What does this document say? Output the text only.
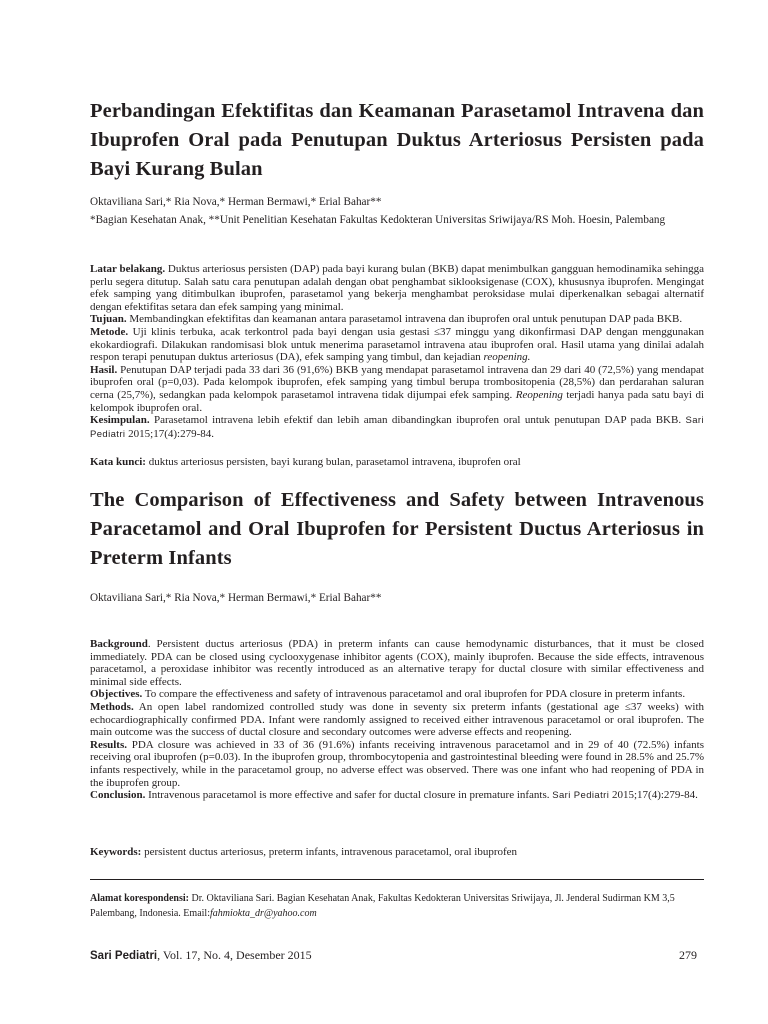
Perbandingan Efektifitas dan Keamanan Parasetamol Intravena dan Ibuprofen Oral pada Penutupan Duktus Arteriosus Persisten pada Bayi Kurang Bulan
Oktaviliana Sari,* Ria Nova,* Herman Bermawi,* Erial Bahar**
*Bagian Kesehatan Anak, **Unit Penelitian Kesehatan Fakultas Kedokteran Universitas Sriwijaya/RS Moh. Hoesin, Palembang

Latar belakang. Duktus arteriosus persisten (DAP) pada bayi kurang bulan (BKB) dapat menimbulkan gangguan hemodinamika sehingga perlu segera ditutup. Salah satu cara penutupan adalah dengan obat penghambat siklooksigenase (COX), khususnya ibuprofen. Mengingat efek samping yang ditimbulkan ibuprofen, parasetamol yang bekerja menghambat peroksidase mulai diperkenalkan sebagai alternatif dengan efektifitas setara dan efek samping yang minimal.

Tujuan. Membandingkan efektifitas dan keamanan antara parasetamol intravena dan ibuprofen oral untuk penutupan DAP pada BKB.

Metode. Uji klinis terbuka, acak terkontrol pada bayi dengan usia gestasi ≤37 minggu yang dikonfirmasi DAP dengan menggunakan ekokardiografi. Dilakukan randomisasi blok untuk menerima parasetamol intravena atau ibuprofen oral. Hasil utama yang dinilai adalah respon terapi penutupan duktus arteriosus (DA), efek samping yang timbul, dan kejadian reopening.

Hasil. Penutupan DAP terjadi pada 33 dari 36 (91,6%) BKB yang mendapat parasetamol intravena dan 29 dari 40 (72,5%) yang mendapat ibuprofen oral (p=0,03). Pada kelompok ibuprofen, efek samping yang timbul berupa trombositopenia (28,5%) dan perdarahan saluran cerna (25,7%), sedangkan pada kelompok parasetamol intravena tidak dijumpai efek samping. Reopening terjadi hanya pada satu bayi di kelompok ibuprofen oral.

Kesimpulan. Parasetamol intravena lebih efektif dan lebih aman dibandingkan ibuprofen oral untuk penutupan DAP pada BKB. Sari Pediatri 2015;17(4):279-84.

Kata kunci: duktus arteriosus persisten, bayi kurang bulan, parasetamol intravena, ibuprofen oral
The Comparison of Effectiveness and Safety between Intravenous Paracetamol and Oral Ibuprofen for Persistent Ductus Arteriosus in Preterm Infants
Oktaviliana Sari,* Ria Nova,* Herman Bermawi,* Erial Bahar**

Background. Persistent ductus arteriosus (PDA) in preterm infants can cause hemodynamic disturbances, that it must be closed immediately. PDA can be closed using cyclooxygenase inhibitor agents (COX), mainly ibuprofen. Because the side effects, intravenous paracetamol, a peroxidase inhibitor was recently introduced as an alternative terapy for ductal closure with similar effectiveness and minimal side effects.

Objectives. To compare the effectiveness and safety of intravenous paracetamol and oral ibuprofen for PDA closure in preterm infants.

Methods. An open label randomized controlled study was done in seventy six preterm infants (gestational age ≤37 weeks) with echocardiographically confirmed PDA. Infant were randomly assigned to received either intravenous paracetamol or oral ibuprofen. The main outcome was the success of ductal closure and secondary outcomes were adverse effects and reopening.

Results. PDA closure was achieved in 33 of 36 (91.6%) infants receiving intravenous paracetamol and in 29 of 40 (72.5%) infants receiving oral ibuprofen (p=0.03). In the ibuprofen group, thrombocytopenia and gastrointestinal bleeding were found in 28.5% and 25.7% infants respectively, while in the paracetamol group, no adverse effect was observed. There was one infant who had reopening of PDA in the ibuprofen group.

Conclusion. Intravenous paracetamol is more effective and safer for ductal closure in premature infants. Sari Pediatri 2015;17(4):279-84.

Keywords: persistent ductus arteriosus, preterm infants, intravenous paracetamol, oral ibuprofen
Alamat korespondensi: Dr. Oktaviliana Sari. Bagian Kesehatan Anak, Fakultas Kedokteran Universitas Sriwijaya, Jl. Jenderal Sudirman KM 3,5 Palembang, Indonesia. Email:fahmiokta_dr@yahoo.com
Sari Pediatri, Vol. 17, No. 4, Desember 2015	279
